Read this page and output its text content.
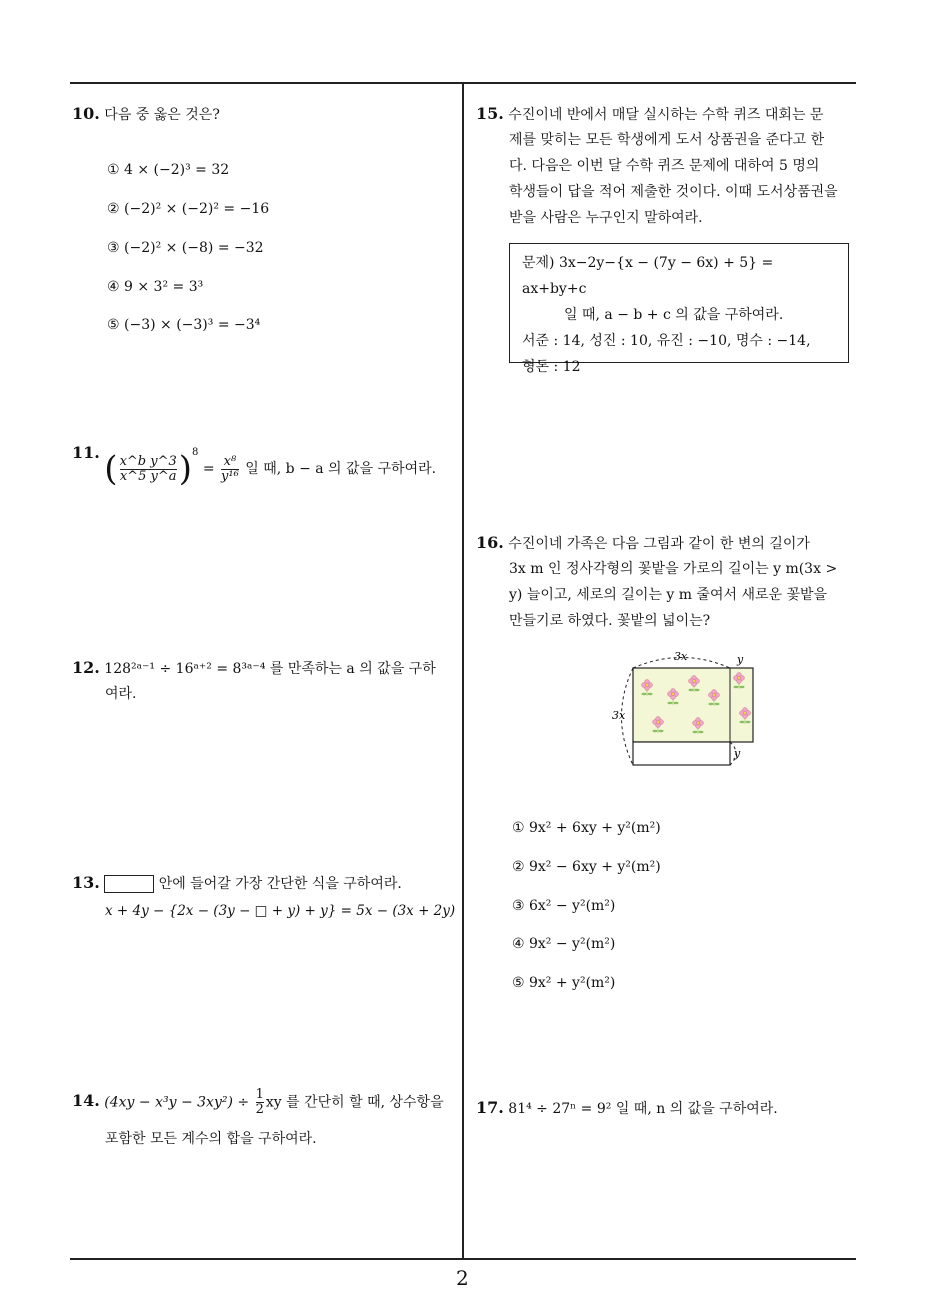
10. 다음 중 옳은 것은?
① 4 × (−2)³ = 32
② (−2)² × (−2)² = −16
③ (−2)² × (−8) = −32
④ 9 × 3² = 3³
⑤ (−3) × (−3)³ = −3⁴
11. ( $\frac{\text{x\textasciicircum{}b y\textasciicircum{}3}}{x\^{}5 y\^{}a} )^8 = \frac{\text{x⁸}}{\text{y¹⁶}}$ 일 때, b − a 의 값을 구하여라.
12. 128²ᵃ⁻¹ ÷ 16ᵃ⁺² = 8³ᵃ⁻⁴ 를 만족하는 a 의 값을 구하
여라.
13.	안에 들어갈 가장 간단한 식을 구하여라.
x + 4y − {2x − (3y − □ + y) + y} = 5x − (3x + 2y)
14. $(4xy - x^3y - 3xy^2) \div \frac{1}{2}$ xy 를 간단히 할 때, 상수항을
포함한 모든 계수의 합을 구하여라.
15. 수진이네 반에서 매달 실시하는 수학 퀴즈 대회는 문
제를 맞히는 모든 학생에게 도서 상품권을 준다고 한
다. 다음은 이번 달 수학 퀴즈 문제에 대하여 5 명의
학생들이 답을 적어 제출한 것이다. 이때 도서상품권을
받을 사람은 누구인지 말하여라.
문제) 3x−2y−{x − (7y − 6x) + 5} = ax+by+c
일 때, a − b + c 의 값을 구하여라.
서준 : 14, 성진 : 10, 유진 : −10, 명수 : −14,
형돈 : 12
16. 수진이네 가족은 다음 그림과 같이 한 변의 길이가
3x m 인 정사각형의 꽃밭을 가로의 길이는 y m(3x >
y) 늘이고, 세로의 길이는 y m 줄여서 새로운 꽃밭을
만들기로 하였다. 꽃밭의 넓이는?
3x	y
3x
y
① 9x² + 6xy + y²(m²)
② 9x² − 6xy + y²(m²)
③ 6x² − y²(m²)
④ 9x² − y²(m²)
⑤ 9x² + y²(m²)
17. 81⁴ ÷ 27ⁿ = 9² 일 때, n 의 값을 구하여라.
2
